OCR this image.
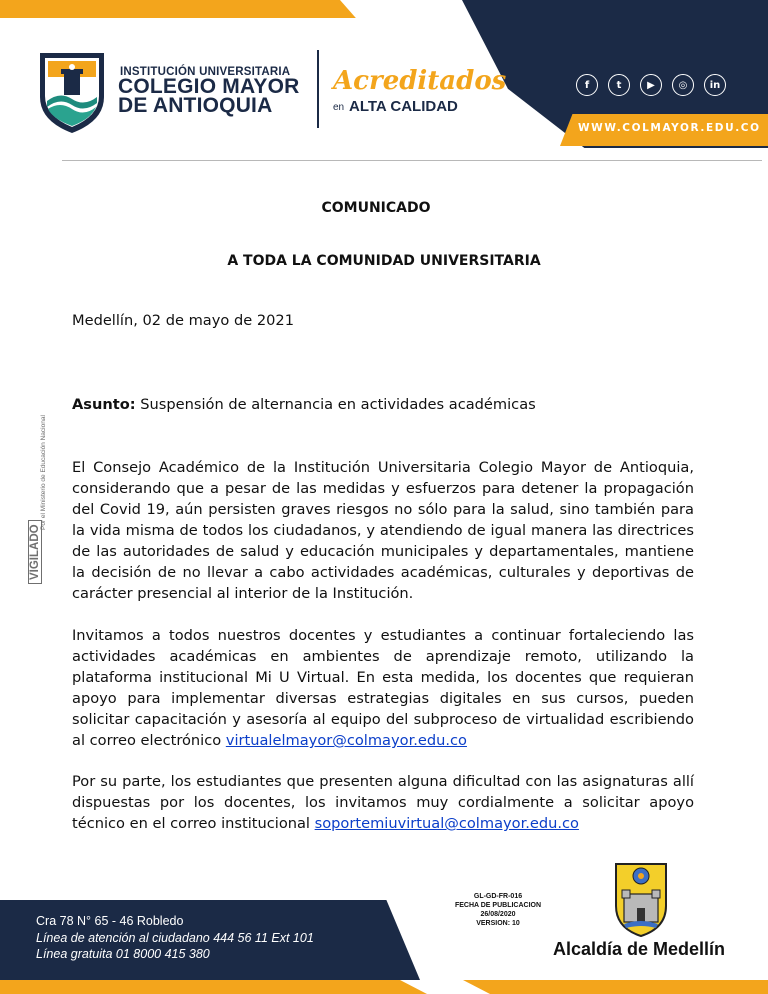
f	t	▶	◎	in
WWW.COLMAYOR.EDU.CO
INSTITUCIÓN UNIVERSITARIA
COLEGIO MAYOR
DE ANTIOQUIA
Acreditados
en ALTA CALIDAD
VIGILADO
Por el Ministerio de Educación Nacional
COMUNICADO
A TODA LA COMUNIDAD UNIVERSITARIA
Medellín, 02 de mayo de 2021
Asunto: Suspensión de alternancia en actividades académicas
El Consejo Académico de la Institución Universitaria Colegio Mayor de Antioquia, considerando que a pesar de las medidas y esfuerzos para detener la propagación del Covid 19, aún persisten graves riesgos no sólo para la salud, sino también para la vida misma de todos los ciudadanos, y atendiendo de igual manera las directrices de las autoridades de salud y educación municipales y departamentales, mantiene la decisión de no llevar a cabo actividades académicas, culturales y deportivas de carácter presencial al interior de la Institución.
Invitamos a todos nuestros docentes y estudiantes a continuar fortaleciendo las actividades académicas en ambientes de aprendizaje remoto, utilizando la plataforma institucional Mi U Virtual. En esta medida, los docentes que requieran apoyo para implementar diversas estrategias digitales en sus cursos, pueden solicitar capacitación y asesoría al equipo del subproceso de virtualidad escribiendo al correo electrónico virtualelmayor@colmayor.edu.co
Por su parte, los estudiantes que presenten alguna dificultad con las asignaturas allí dispuestas por los docentes, los invitamos muy cordialmente a solicitar apoyo técnico en el correo institucional soportemiuvirtual@colmayor.edu.co
Cra 78 N° 65 - 46 Robledo
Línea de atención al ciudadano 444 56 11 Ext 101
Línea gratuita 01 8000 415 380
GL-GD-FR-016
FECHA DE PUBLICACION
26/08/2020
VERSION: 10
Alcaldía de Medellín
